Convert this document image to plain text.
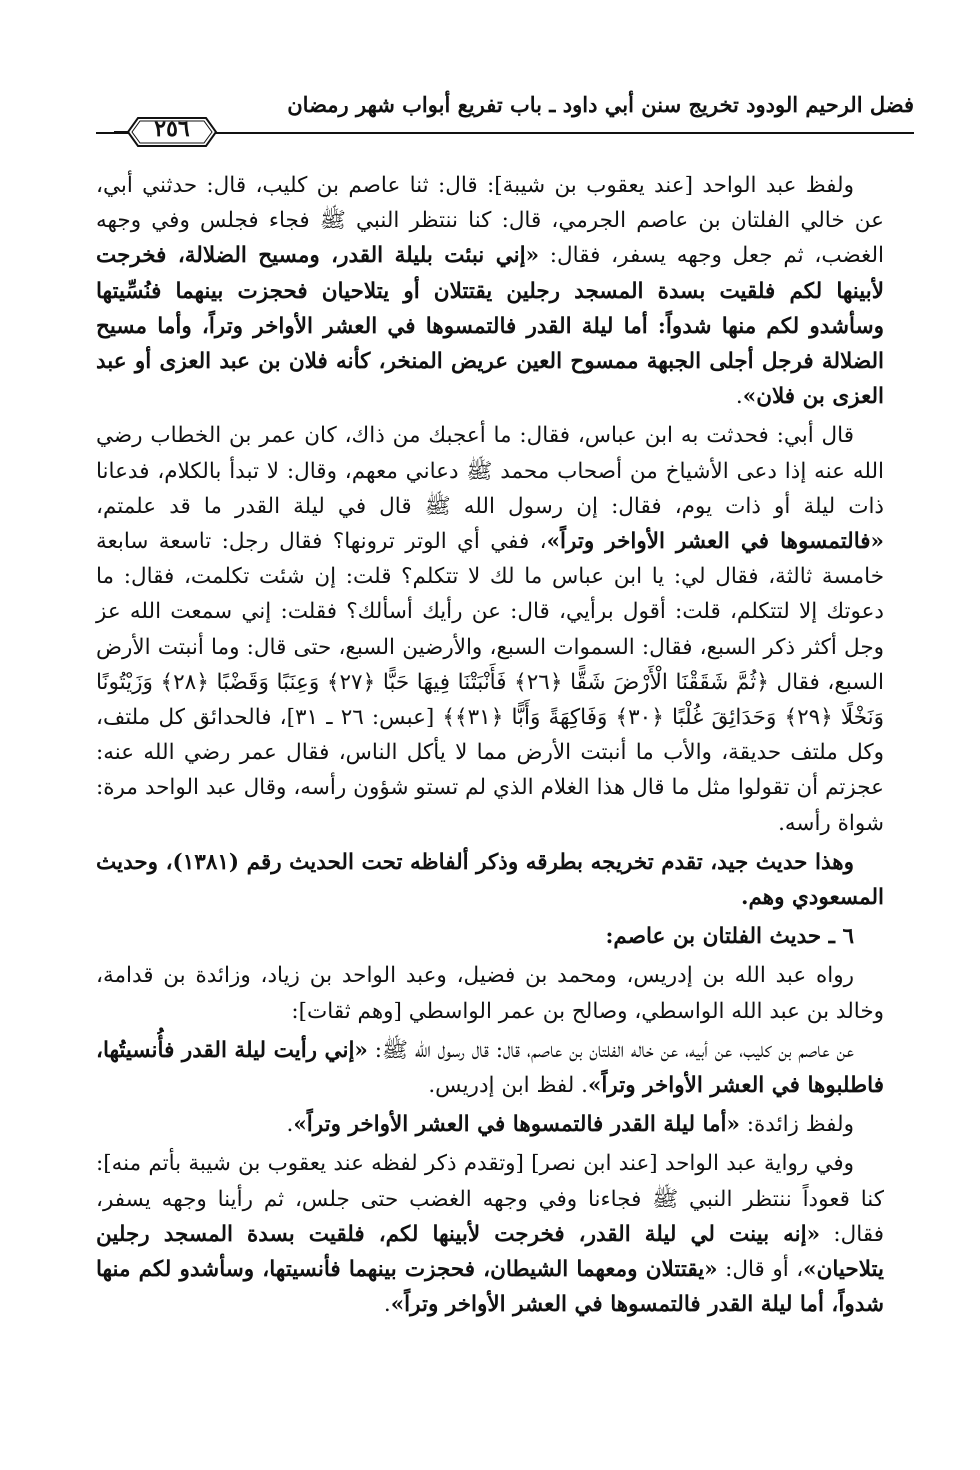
فضل الرحيم الودود تخريج سنن أبي داود ـ باب تفريع أبواب شهر رمضان
٢٥٦

ولفظ عبد الواحد [عند يعقوب بن شيبة]: قال: ثنا عاصم بن كليب، قال: حدثني أبي، عن خالي الفلتان بن عاصم الجرمي، قال: كنا ننتظر النبي ﷺ فجاء فجلس وفي وجهه الغضب، ثم جعل وجهه يسفر، فقال: «إني نبئت بليلة القدر، ومسيح الضلالة، فخرجت لأبينها لكم فلقيت بسدة المسجد رجلين يقتتلان أو يتلاحيان فحجزت بينهما فنُسِّيتها وسأشدو لكم منها شدواً: أما ليلة القدر فالتمسوها في العشر الأواخر وتراً، وأما مسيح الضلالة فرجل أجلى الجبهة ممسوح العين عريض المنخر، كأنه فلان بن عبد العزى أو عبد العزى بن فلان».

قال أبي: فحدثت به ابن عباس، فقال: ما أعجبك من ذاك، كان عمر بن الخطاب رضي الله عنه إذا دعى الأشياخ من أصحاب محمد ﷺ دعاني معهم، وقال: لا تبدأ بالكلام، فدعانا ذات ليلة أو ذات يوم، فقال: إن رسول الله ﷺ قال في ليلة القدر ما قد علمتم، «فالتمسوها في العشر الأواخر وتراً»، ففي أي الوتر ترونها؟ فقال رجل: تاسعة سابعة خامسة ثالثة، فقال لي: يا ابن عباس ما لك لا تتكلم؟ قلت: إن شئت تكلمت، فقال: ما دعوتك إلا لتتكلم، قلت: أقول برأيي، قال: عن رأيك أسألك؟ فقلت: إني سمعت الله عز وجل أكثر ذكر السبع، فقال: السموات السبع، والأرضين السبع، حتى قال: وما أنبتت الأرض السبع، فقال ﴿ثُمَّ شَقَقْنَا الْأَرْضَ شَقًّا ﴿٢٦﴾ فَأَنْبَتْنَا فِيهَا حَبًّا ﴿٢٧﴾ وَعِنَبًا وَقَضْبًا ﴿٢٨﴾ وَزَيْتُونًا وَنَخْلًا ﴿٢٩﴾ وَحَدَائِقَ غُلْبًا ﴿٣٠﴾ وَفَاكِهَةً وَأَبًّا ﴿٣١﴾﴾ [عبس: ٢٦ ـ ٣١]، فالحدائق كل ملتف، وكل ملتف حديقة، والأب ما أنبتت الأرض مما لا يأكل الناس، فقال عمر رضي الله عنه: عجزتم أن تقولوا مثل ما قال هذا الغلام الذي لم تستو شؤون رأسه، وقال عبد الواحد مرة: شواة رأسه.

وهذا حديث جيد، تقدم تخريجه بطرقه وذكر ألفاظه تحت الحديث رقم (١٣٨١)، وحديث المسعودي وهم.

٦ ـ حديث الفلتان بن عاصم:

رواه عبد الله بن إدريس، ومحمد بن فضيل، وعبد الواحد بن زياد، وزائدة بن قدامة، وخالد بن عبد الله الواسطي، وصالح بن عمر الواسطي [وهم ثقات]:

عن عاصم بن كليب، عن أبيه، عن خاله الفلتان بن عاصم، قال: قال رسول الله ﷺ: «إني رأيت ليلة القدر فأُنسيتُها، فاطلبوها في العشر الأواخر وتراً». لفظ ابن إدريس.

ولفظ زائدة: «أما ليلة القدر فالتمسوها في العشر الأواخر وتراً».

وفي رواية عبد الواحد [عند ابن نصر] [وتقدم ذكر لفظه عند يعقوب بن شيبة بأتم منه]: كنا قعوداً ننتظر النبي ﷺ فجاءنا وفي وجهه الغضب حتى جلس، ثم رأينا وجهه يسفر، فقال: «إنه بينت لي ليلة القدر، فخرجت لأبينها لكم، فلقيت بسدة المسجد رجلين يتلاحيان»، أو قال: «يقتتلان ومعهما الشيطان، فحجزت بينهما فأنسيتها، وسأشدو لكم منها شدواً، أما ليلة القدر فالتمسوها في العشر الأواخر وتراً».
